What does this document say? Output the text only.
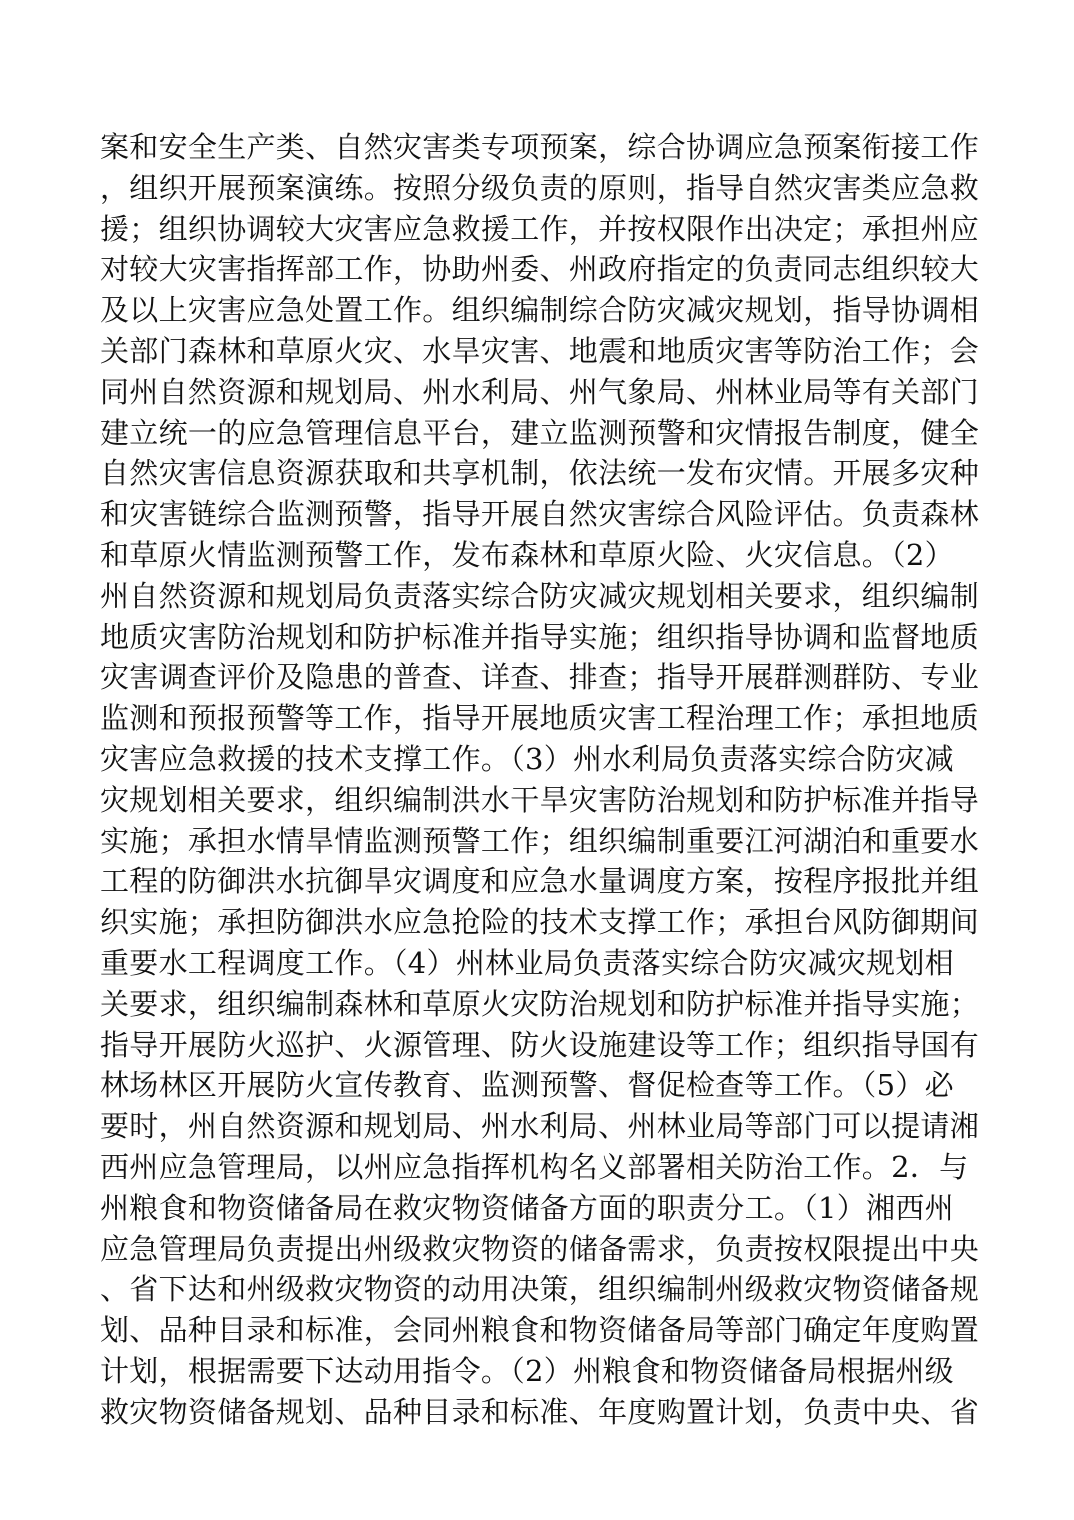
案和安全生产类、自然灾害类专项预案，综合协调应急预案衔接工作
，组织开展预案演练。按照分级负责的原则，指导自然灾害类应急救
援；组织协调较大灾害应急救援工作，并按权限作出决定；承担州应
对较大灾害指挥部工作，协助州委、州政府指定的负责同志组织较大
及以上灾害应急处置工作。组织编制综合防灾减灾规划，指导协调相
关部门森林和草原火灾、水旱灾害、地震和地质灾害等防治工作；会
同州自然资源和规划局、州水利局、州气象局、州林业局等有关部门
建立统一的应急管理信息平台，建立监测预警和灾情报告制度，健全
自然灾害信息资源获取和共享机制，依法统一发布灾情。开展多灾种
和灾害链综合监测预警，指导开展自然灾害综合风险评估。负责森林
和草原火情监测预警工作，发布森林和草原火险、火灾信息。（2）
州自然资源和规划局负责落实综合防灾减灾规划相关要求，组织编制
地质灾害防治规划和防护标准并指导实施；组织指导协调和监督地质
灾害调查评价及隐患的普查、详查、排查；指导开展群测群防、专业
监测和预报预警等工作，指导开展地质灾害工程治理工作；承担地质
灾害应急救援的技术支撑工作。（3）州水利局负责落实综合防灾减
灾规划相关要求，组织编制洪水干旱灾害防治规划和防护标准并指导
实施；承担水情旱情监测预警工作；组织编制重要江河湖泊和重要水
工程的防御洪水抗御旱灾调度和应急水量调度方案，按程序报批并组
织实施；承担防御洪水应急抢险的技术支撑工作；承担台风防御期间
重要水工程调度工作。（4）州林业局负责落实综合防灾减灾规划相
关要求，组织编制森林和草原火灾防治规划和防护标准并指导实施；
指导开展防火巡护、火源管理、防火设施建设等工作；组织指导国有
林场林区开展防火宣传教育、监测预警、督促检查等工作。（5）必
要时，州自然资源和规划局、州水利局、州林业局等部门可以提请湘
西州应急管理局，以州应急指挥机构名义部署相关防治工作。2．与
州粮食和物资储备局在救灾物资储备方面的职责分工。（1）湘西州
应急管理局负责提出州级救灾物资的储备需求，负责按权限提出中央
、省下达和州级救灾物资的动用决策，组织编制州级救灾物资储备规
划、品种目录和标准，会同州粮食和物资储备局等部门确定年度购置
计划，根据需要下达动用指令。（2）州粮食和物资储备局根据州级
救灾物资储备规划、品种目录和标准、年度购置计划，负责中央、省
